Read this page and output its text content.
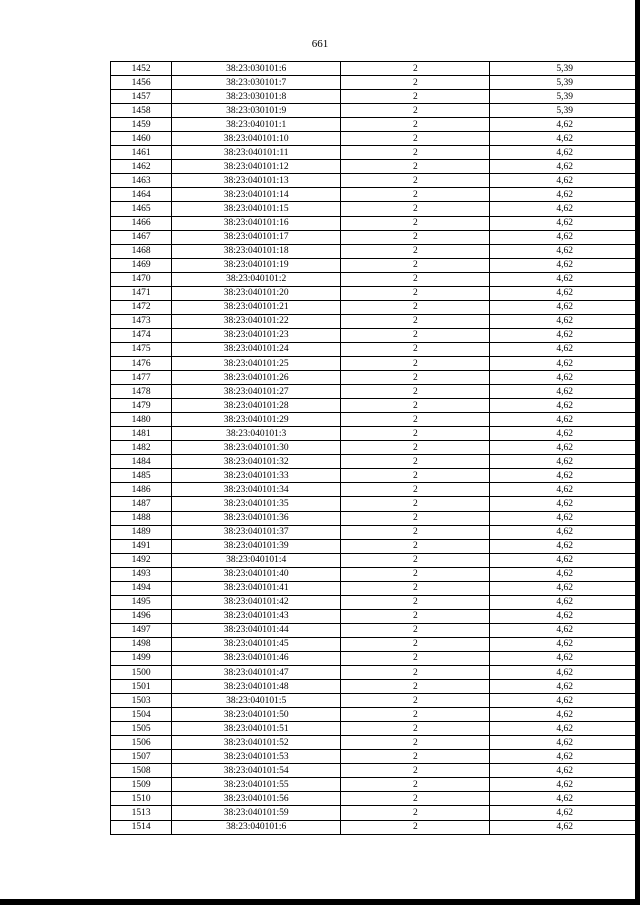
661
1452	38:23:030101:6	2	5,39
1456	38:23:030101:7	2	5,39
1457	38:23:030101:8	2	5,39
1458	38:23:030101:9	2	5,39
1459	38:23:040101:1	2	4,62
1460	38:23:040101:10	2	4,62
1461	38:23:040101:11	2	4,62
1462	38:23:040101:12	2	4,62
1463	38:23:040101:13	2	4,62
1464	38:23:040101:14	2	4,62
1465	38:23:040101:15	2	4,62
1466	38:23:040101:16	2	4,62
1467	38:23:040101:17	2	4,62
1468	38:23:040101:18	2	4,62
1469	38:23:040101:19	2	4,62
1470	38:23:040101:2	2	4,62
1471	38:23:040101:20	2	4,62
1472	38:23:040101:21	2	4,62
1473	38:23:040101:22	2	4,62
1474	38:23:040101:23	2	4,62
1475	38:23:040101:24	2	4,62
1476	38:23:040101:25	2	4,62
1477	38:23:040101:26	2	4,62
1478	38:23:040101:27	2	4,62
1479	38:23:040101:28	2	4,62
1480	38:23:040101:29	2	4,62
1481	38:23:040101:3	2	4,62
1482	38:23:040101:30	2	4,62
1484	38:23:040101:32	2	4,62
1485	38:23:040101:33	2	4,62
1486	38:23:040101:34	2	4,62
1487	38:23:040101:35	2	4,62
1488	38:23:040101:36	2	4,62
1489	38:23:040101:37	2	4,62
1491	38:23:040101:39	2	4,62
1492	38:23:040101:4	2	4,62
1493	38:23:040101:40	2	4,62
1494	38:23:040101:41	2	4,62
1495	38:23:040101:42	2	4,62
1496	38:23:040101:43	2	4,62
1497	38:23:040101:44	2	4,62
1498	38:23:040101:45	2	4,62
1499	38:23:040101:46	2	4,62
1500	38:23:040101:47	2	4,62
1501	38:23:040101:48	2	4,62
1503	38:23:040101:5	2	4,62
1504	38:23:040101:50	2	4,62
1505	38:23:040101:51	2	4,62
1506	38:23:040101:52	2	4,62
1507	38:23:040101:53	2	4,62
1508	38:23:040101:54	2	4,62
1509	38:23:040101:55	2	4,62
1510	38:23:040101:56	2	4,62
1513	38:23:040101:59	2	4,62
1514	38:23:040101:6	2	4,62
